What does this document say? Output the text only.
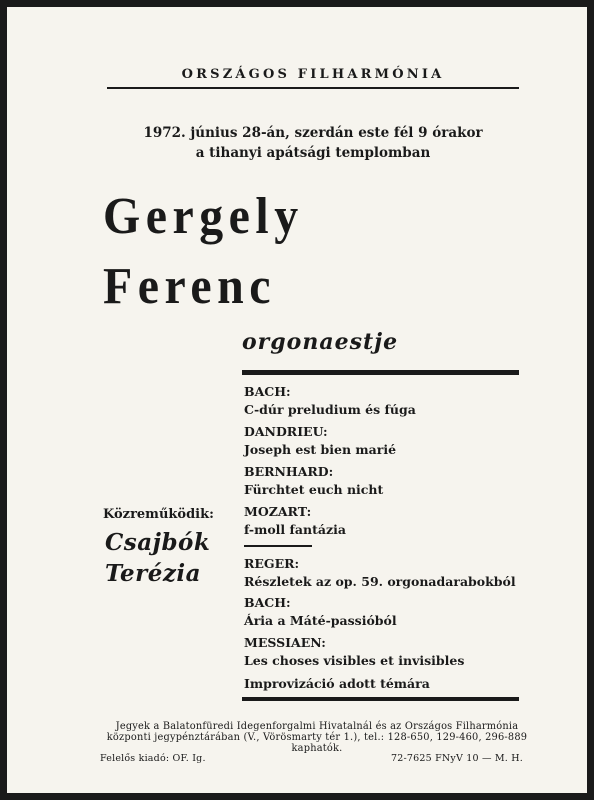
ORSZÁGOS FILHARMÓNIA
1972. június 28-án, szerdán este fél 9 órakor
a tihanyi apátsági templomban
Gergely
Ferenc
orgonaestje
BACH:
C-dúr preludium és fúga
DANDRIEU:
Joseph est bien marié
BERNHARD:
Fürchtet euch nicht
MOZART:
f-moll fantázia
REGER:
Részletek az op. 59. orgonadarabokból
BACH:
Ária a Máté-passióból
MESSIAEN:
Les choses visibles et invisibles
Improvizáció adott témára
Közreműködik:
Csajbók
Terézia
Jegyek a Balatonfüredi Idegenforgalmi Hivatalnál és az Országos Filharmónia
központi jegypénztárában (V., Vörösmarty tér 1.), tel.: 128-650, 129-460, 296-889
kaphatók.
Felelős kiadó: OF. Ig.	72-7625 FNyV 10 — M. H.
